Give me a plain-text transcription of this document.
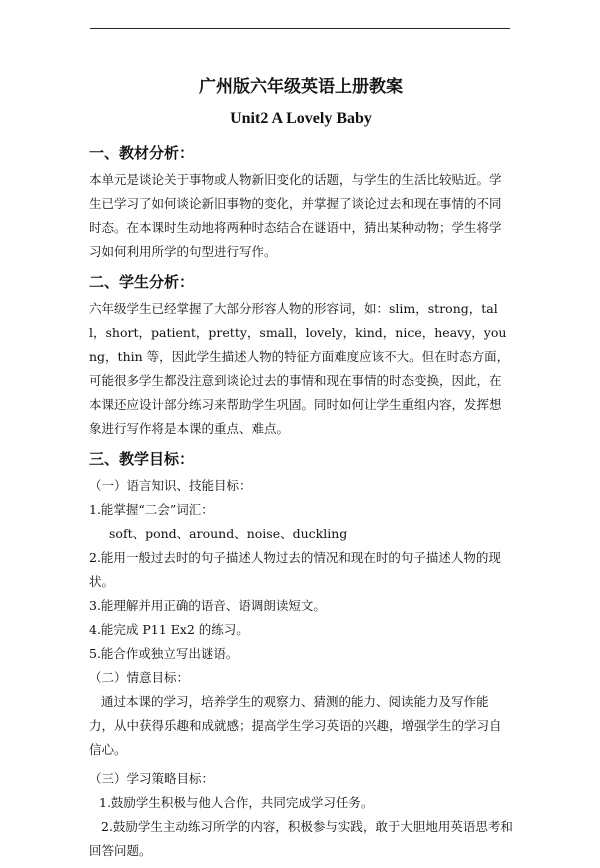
广州版六年级英语上册教案
Unit2 A Lovely Baby
一、教材分析：

本单元是谈论关于事物或人物新旧变化的话题，与学生的生活比较贴近。学生已学习了如何谈论新旧事物的变化，并掌握了谈论过去和现在事情的不同时态。在本课时生动地将两种时态结合在谜语中，猜出某种动物；学生将学习如何利用所学的句型进行写作。

二、学生分析：

六年级学生已经掌握了大部分形容人物的形容词，如：slim，strong，tall，short，patient，pretty，small，lovely，kind，nice，heavy，young，thin 等，因此学生描述人物的特征方面难度应该不大。但在时态方面，可能很多学生都没注意到谈论过去的事情和现在事情的时态变换，因此，在本课还应设计部分练习来帮助学生巩固。同时如何让学生重组内容，发挥想象进行写作将是本课的重点、难点。

三、教学目标：

（一）语言知识、技能目标：

1.能掌握“二会”词汇：

soft、pond、around、noise、duckling

2.能用一般过去时的句子描述人物过去的情况和现在时的句子描述人物的现状。

3.能理解并用正确的语音、语调朗读短文。

4.能完成 P11 Ex2 的练习。

5.能合作或独立写出谜语。

（二）情意目标：

通过本课的学习，培养学生的观察力、猜测的能力、阅读能力及写作能力，从中获得乐趣和成就感；提高学生学习英语的兴趣，增强学生的学习自信心。

（三）学习策略目标：

1.鼓励学生积极与他人合作，共同完成学习任务。

2.鼓励学生主动练习所学的内容，积极参与实践，敢于大胆地用英语思考和回答问题。
